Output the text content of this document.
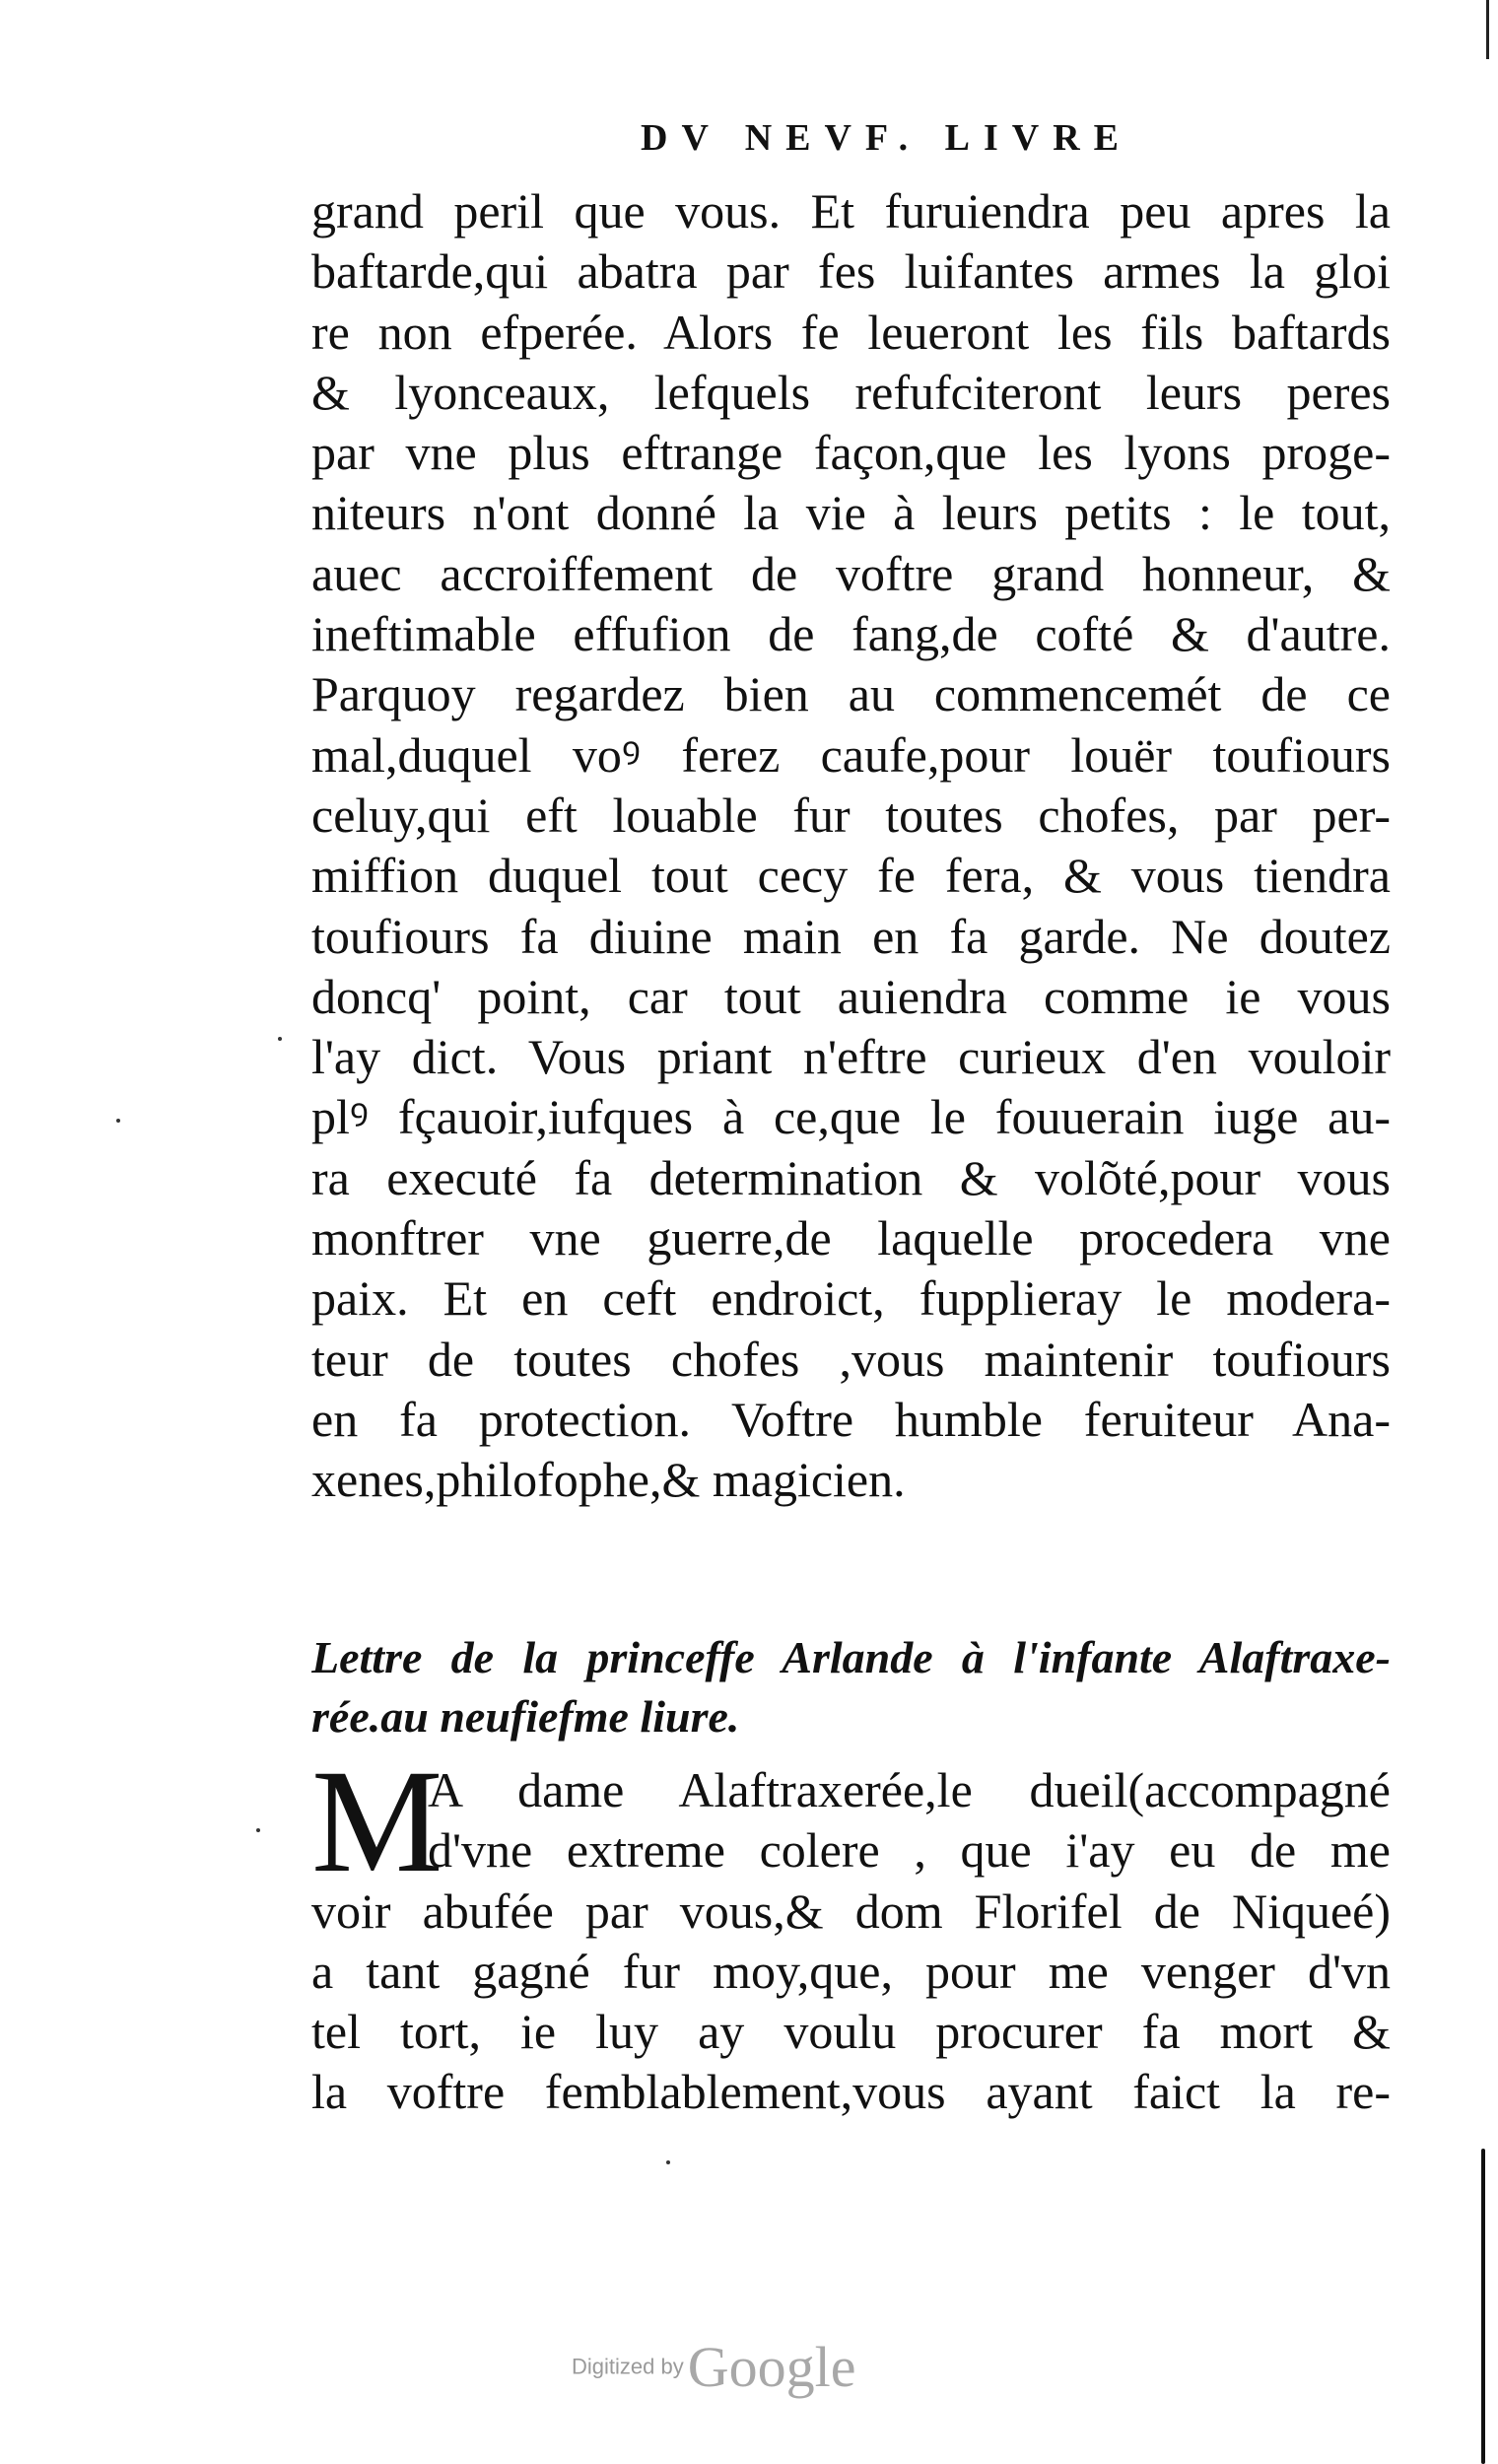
DV NEVF. LIVRE
grand peril que vous. Et furuiendra peu apres la
baftarde,qui abatra par fes luifantes armes la gloi
re non efperée. Alors fe leueront les fils baftards
& lyonceaux, lefquels refufciteront leurs peres
par vne plus eftrange façon,que les lyons proge-
niteurs n'ont donné la vie à leurs petits : le tout,
auec accroiffement de voftre grand honneur, &
ineftimable effufion de fang,de cofté & d'autre.
Parquoy regardez bien au commencemét de ce
mal,duquel voꝰ ferez caufe,pour louër toufiours
celuy,qui eft louable fur toutes chofes, par per-
miffion duquel tout cecy fe fera, & vous tiendra
toufiours fa diuine main en fa garde. Ne doutez
doncq' point, car tout auiendra comme ie vous
l'ay dict. Vous priant n'eftre curieux d'en vouloir
plꝰ fçauoir,iufques à ce,que le fouuerain iuge au-
ra executé fa determination & volõté,pour vous
monftrer vne guerre,de laquelle procedera vne
paix. Et en ceft endroict, fupplieray le modera-
teur de toutes chofes ,vous maintenir toufiours
en fa protection. Voftre humble feruiteur Ana-
xenes,philofophe,& magicien.
Lettre de la princeffe Arlande à l'infante Alaftraxe-
rée.au neufiefme liure.
M
A dame Alaftraxerée,le dueil(accompagné
d'vne extreme colere , que i'ay eu de me
voir abufée par vous,& dom Florifel de Niqueé)
a tant gagné fur moy,que, pour me venger d'vn
tel tort, ie luy ay voulu procurer fa mort &
la voftre femblablement,vous ayant faict la re-
Digitized by Google
